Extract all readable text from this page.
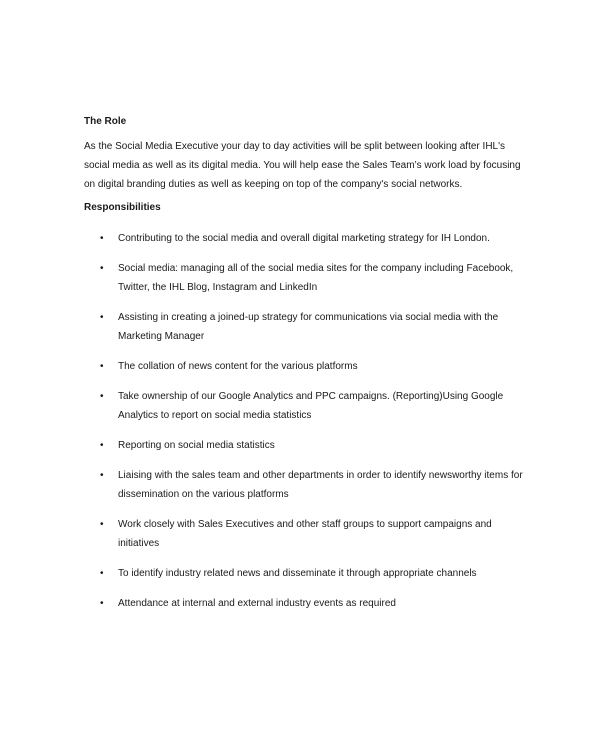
The Role

As the Social Media Executive your day to day activities will be split between looking after IHL's social media as well as its digital media. You will help ease the Sales Team’s work load by focusing on digital branding duties as well as keeping on top of the company's social networks.

Responsibilities

• Contributing to the social media and overall digital marketing strategy for IH London.
• Social media: managing all of the social media sites for the company including Facebook, Twitter, the IHL Blog, Instagram and LinkedIn
• Assisting in creating a joined-up strategy for communications via social media with the Marketing Manager
• The collation of news content for the various platforms
• Take ownership of our Google Analytics and PPC campaigns. (Reporting)Using Google Analytics to report on social media statistics
• Reporting on social media statistics
• Liaising with the sales team and other departments in order to identify newsworthy items for dissemination on the various platforms
• Work closely with Sales Executives and other staff groups to support campaigns and initiatives
• To identify industry related news and disseminate it through appropriate channels
• Attendance at internal and external industry events as required
